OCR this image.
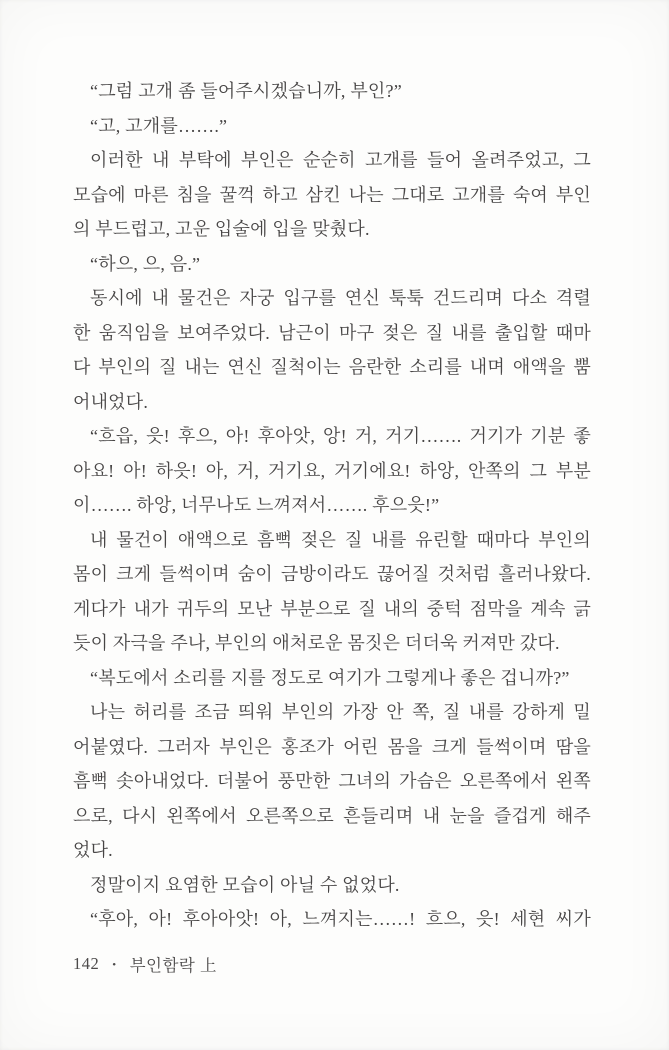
“그럼 고개 좀 들어주시겠습니까, 부인?”
“고, 고개를…….”
이러한 내 부탁에 부인은 순순히 고개를 들어 올려주었고, 그
모습에 마른 침을 꿀꺽 하고 삼킨 나는 그대로 고개를 숙여 부인
의 부드럽고, 고운 입술에 입을 맞췄다.
“하으, 으, 음.”
동시에 내 물건은 자궁 입구를 연신 툭툭 건드리며 다소 격렬
한 움직임을 보여주었다. 남근이 마구 젖은 질 내를 출입할 때마
다 부인의 질 내는 연신 질척이는 음란한 소리를 내며 애액을 뿜
어내었다.
“흐읍, 읏! 후으, 아! 후아앗, 앙! 거, 거기……. 거기가 기분 좋
아요! 아! 하읏! 아, 거, 거기요, 거기에요! 하앙, 안쪽의 그 부분
이……. 하앙, 너무나도 느껴져서……. 후으읏!”
내 물건이 애액으로 흠뻑 젖은 질 내를 유린할 때마다 부인의
몸이 크게 들썩이며 숨이 금방이라도 끊어질 것처럼 흘러나왔다.
게다가 내가 귀두의 모난 부분으로 질 내의 중턱 점막을 계속 긁
듯이 자극을 주나, 부인의 애처로운 몸짓은 더더욱 커져만 갔다.
“복도에서 소리를 지를 정도로 여기가 그렇게나 좋은 겁니까?”
나는 허리를 조금 띄워 부인의 가장 안 쪽, 질 내를 강하게 밀
어붙였다. 그러자 부인은 홍조가 어린 몸을 크게 들썩이며 땀을
흠뻑 솟아내었다. 더불어 풍만한 그녀의 가슴은 오른쪽에서 왼쪽
으로, 다시 왼쪽에서 오른쪽으로 흔들리며 내 눈을 즐겁게 해주
었다.
정말이지 요염한 모습이 아닐 수 없었다.
“후아, 아! 후아아앗! 아, 느껴지는……! 흐으, 읏! 세현 씨가
142 • 부인함락 上
